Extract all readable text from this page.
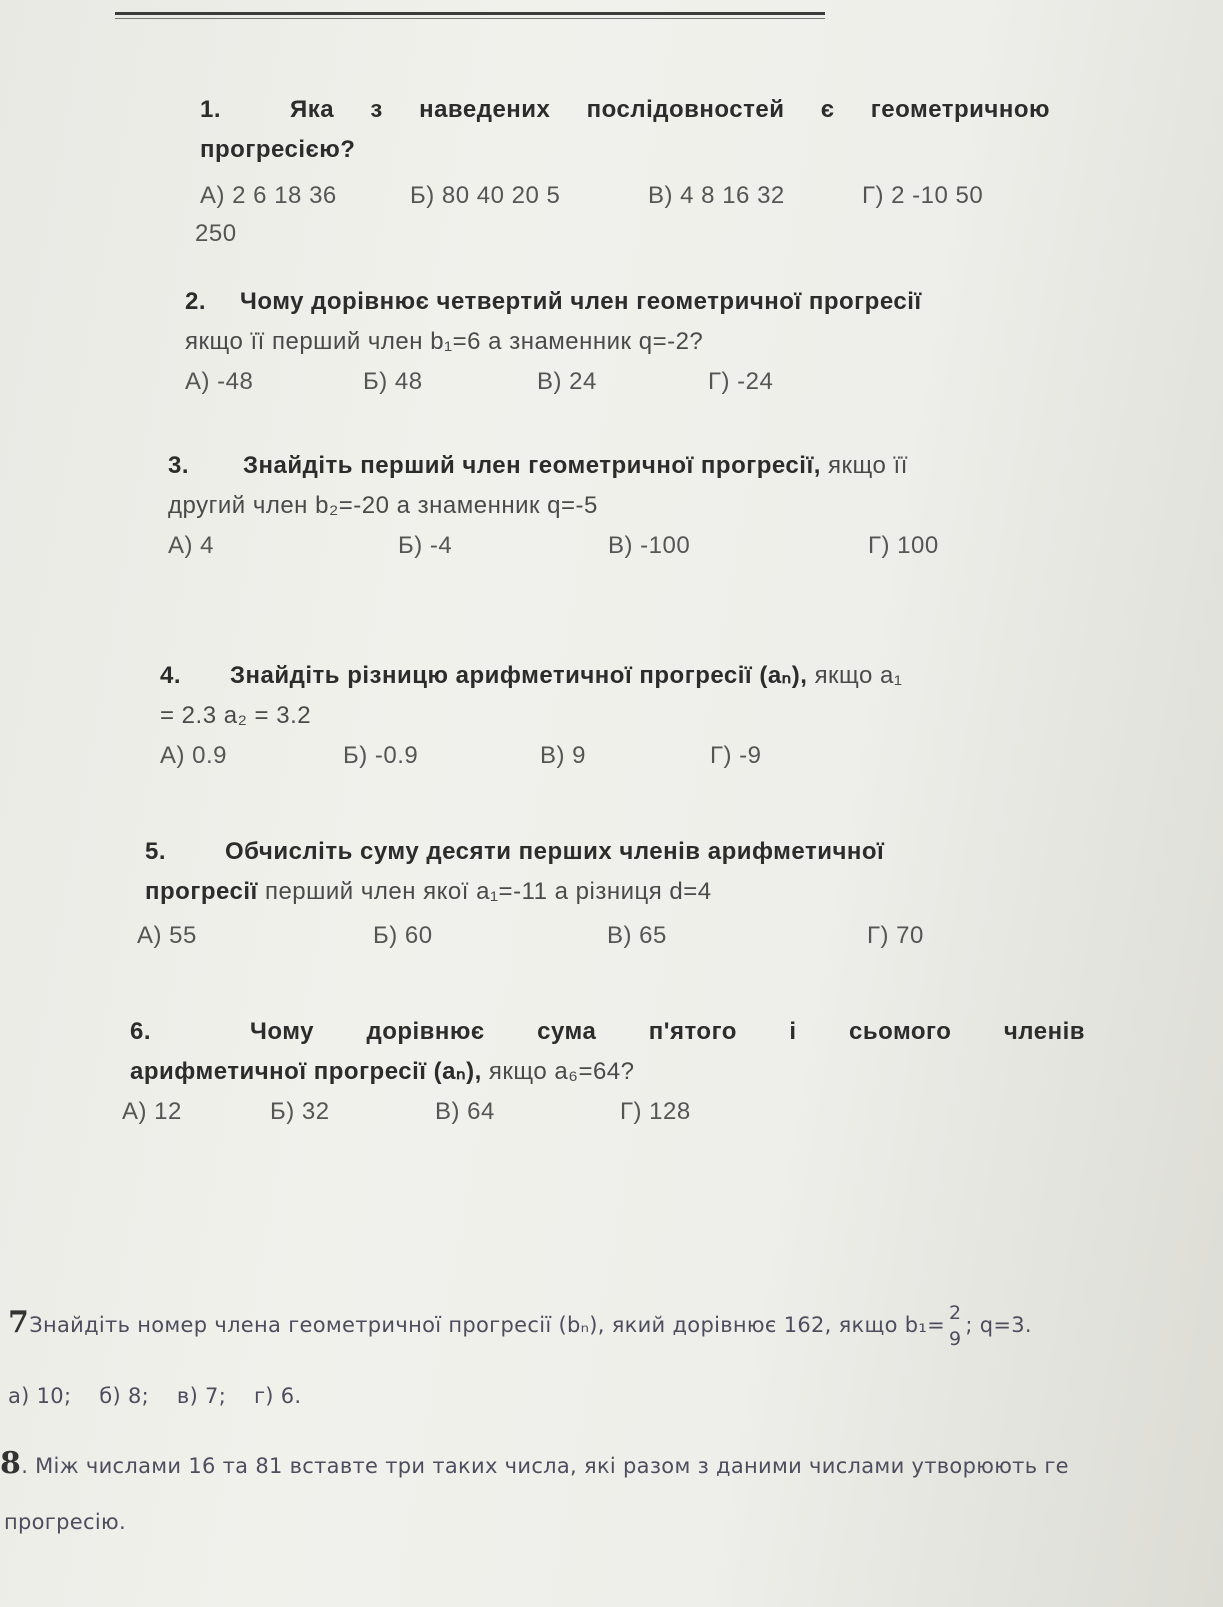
1.	Яка з наведених послідовностей є геометричною прогресією?
А) 2 6 18 36	Б) 80 40 20 5	В) 4 8 16 32	Г) 2 -10 50
250
2. Чому дорівнює четвертий член геометричної прогресії
якщо її перший член b₁=6 а знаменник q=-2?
А) -48	Б) 48	В) 24	Г) -24
3. Знайдіть перший член геометричної прогресії, якщо її
другий член b₂=-20 а знаменник q=-5
А) 4	Б) -4	В) -100	Г) 100
4. Знайдіть різницю арифметичної прогресії (aₙ), якщо a₁
= 2.3 a₂ = 3.2
А) 0.9	Б) -0.9	В) 9	Г) -9
5. Обчисліть суму десяти перших членів арифметичної
прогресії перший член якої a₁=-11 а різниця d=4
А) 55	Б) 60	В) 65	Г) 70
6.	Чому дорівнює сума п'ятого і сьомого членів
арифметичної прогресії (aₙ), якщо a₆=64?
А) 12	Б) 32	В) 64	Г) 128
7Знайдіть номер члена геометричної прогресії (bₙ), який дорівнює 162, якщо b₁= 2
9
; q=3.
а) 10;    б) 8;    в) 7;    г) 6.
8. Між числами 16 та 81 вставте три таких числа, які разом з даними числами утворюють ге
прогресію.
